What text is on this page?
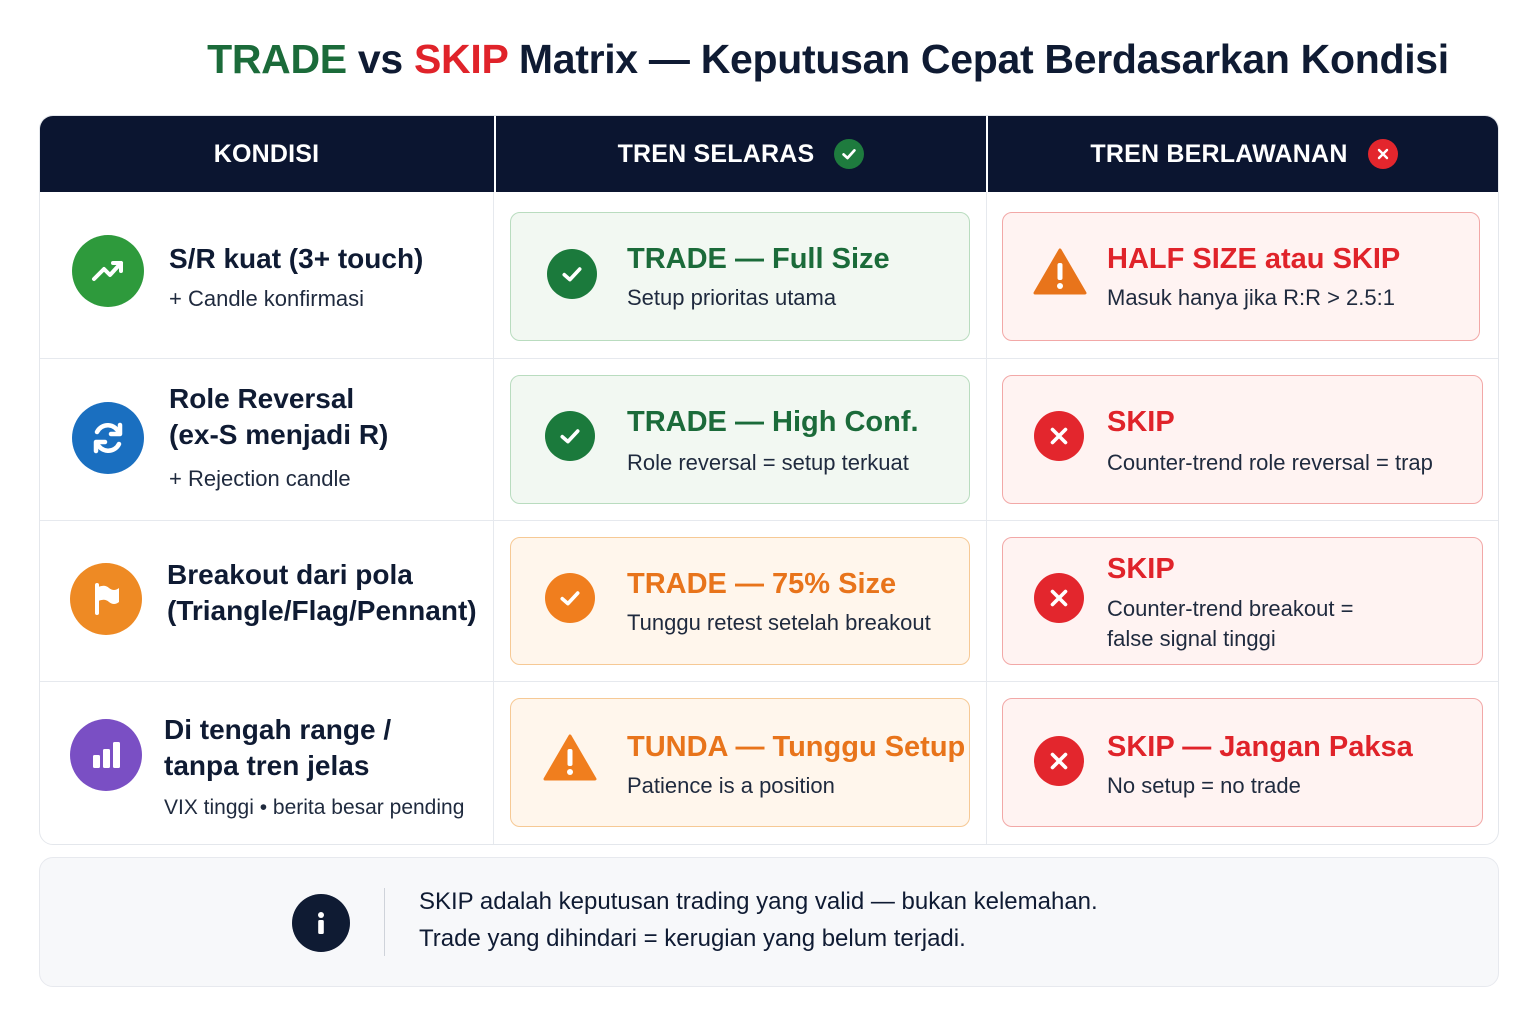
TRADE vs SKIP Matrix — Keputusan Cepat Berdasarkan Kondisi
KONDISI	TREN SELARAS	TREN BERLAWANAN
S/R kuat (3+ touch)
+ Candle konfirmasi
TRADE — Full Size
Setup prioritas utama
HALF SIZE atau SKIP
Masuk hanya jika R:R > 2.5:1
Role Reversal
(ex-S menjadi R)
+ Rejection candle
TRADE — High Conf.
Role reversal = setup terkuat
SKIP
Counter-trend role reversal = trap
Breakout dari pola
(Triangle/Flag/Pennant)
TRADE — 75% Size
Tunggu retest setelah breakout
SKIP
Counter-trend breakout =
false signal tinggi
Di tengah range /
tanpa tren jelas
VIX tinggi • berita besar pending
TUNDA — Tunggu Setup
Patience is a position
SKIP — Jangan Paksa
No setup = no trade
SKIP adalah keputusan trading yang valid — bukan kelemahan.
Trade yang dihindari = kerugian yang belum terjadi.
